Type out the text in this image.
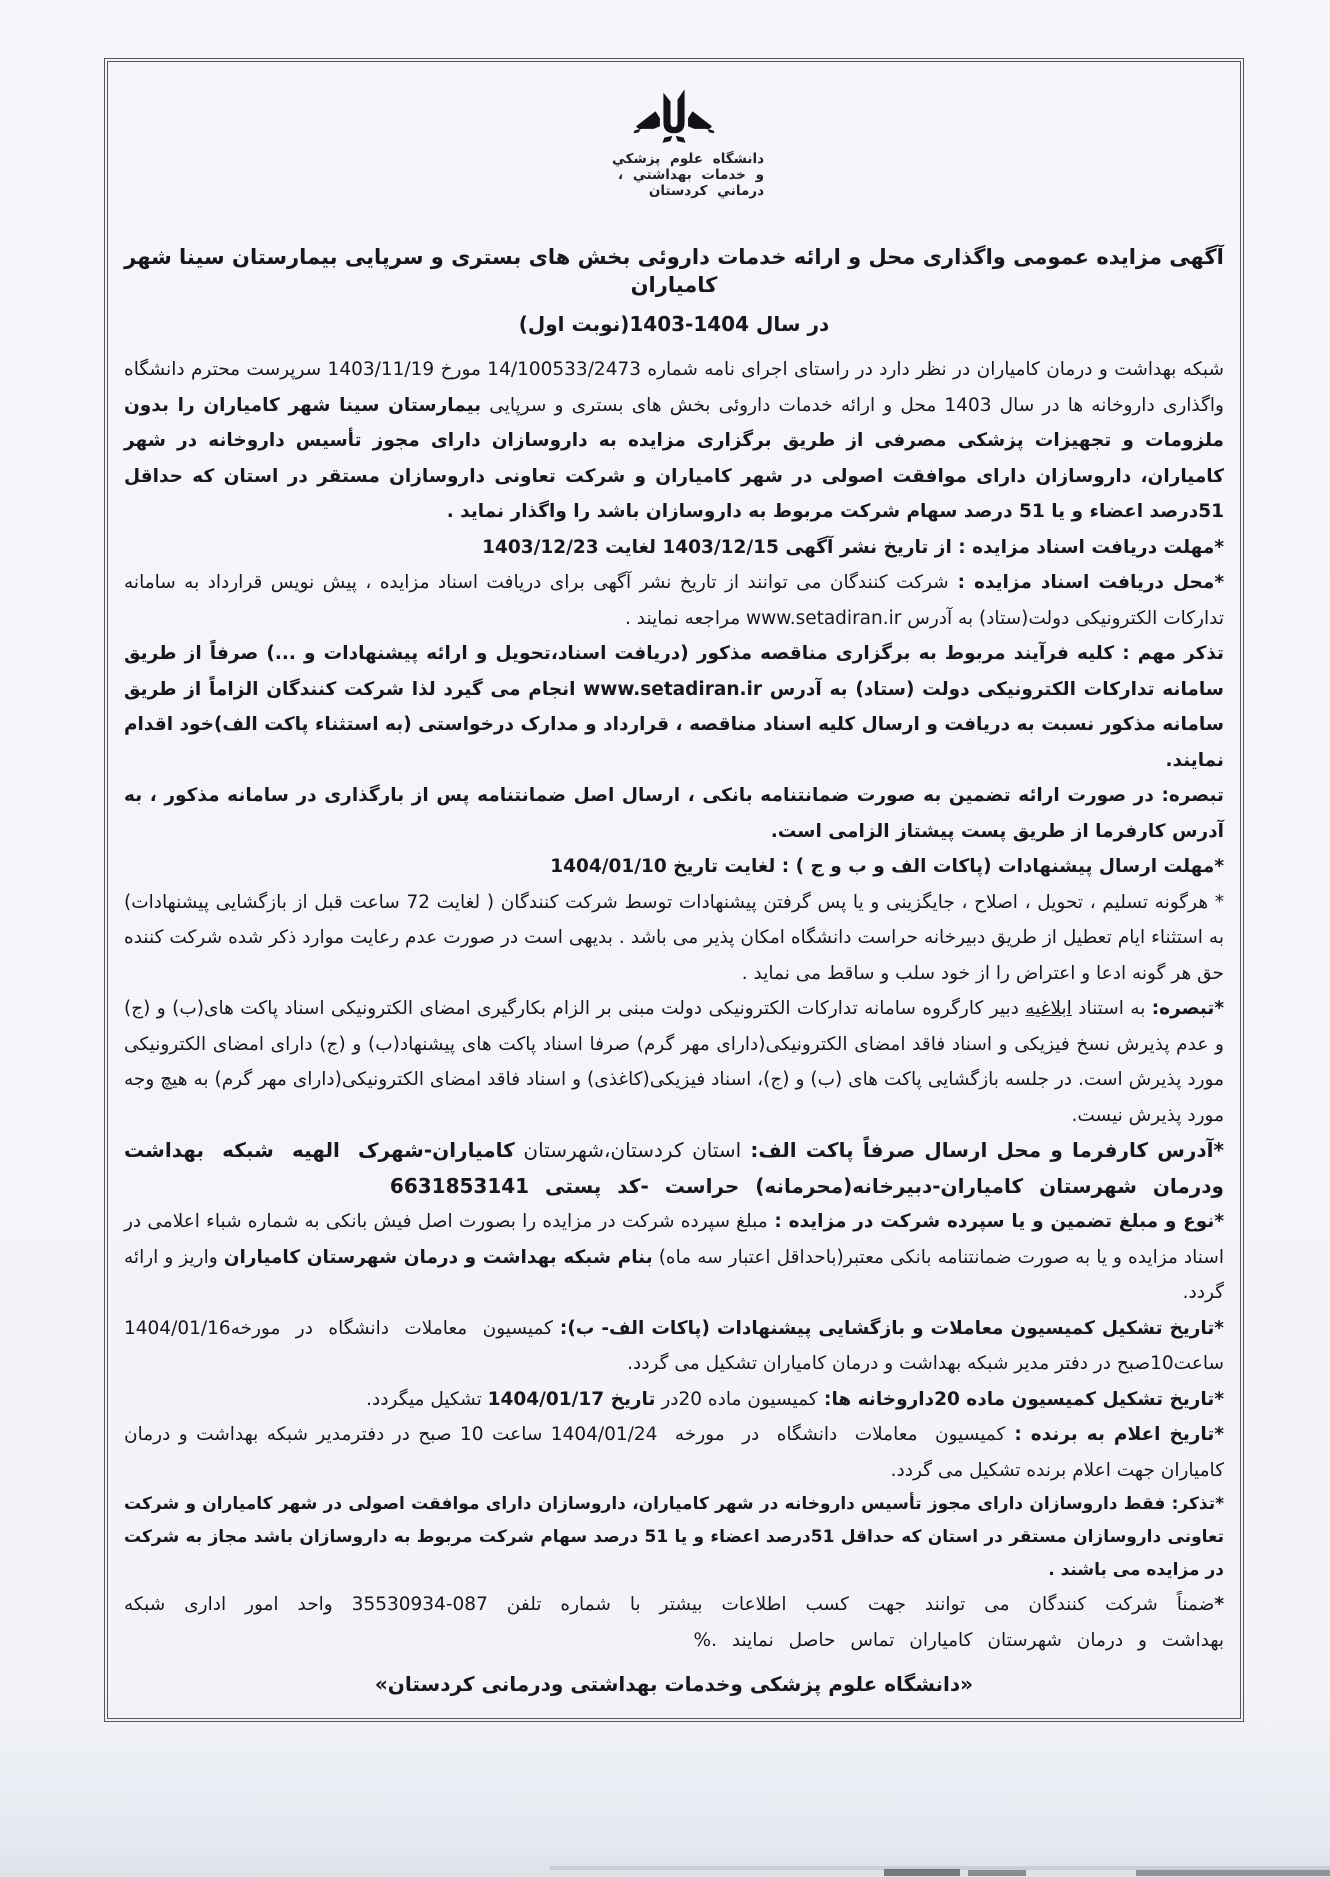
دانشگاه علوم پزشكي
و خدمات بهداشتي ،
درماني كردستان
آگهی مزایده عمومی واگذاری محل و ارائه خدمات داروئی بخش های بستری و سرپایی بیمارستان سینا شهر کامیاران
در سال 1404-1403(نوبت اول)

شبکه بهداشت و درمان کامیاران در نظر دارد در راستای اجرای نامه شماره 14/100533/2473 مورخ 1403/11/19 سرپرست محترم دانشگاه واگذاری داروخانه ها در سال 1403 محل و ارائه خدمات داروئی بخش های بستری و سرپایی بیمارستان سینا شهر کامیاران را بدون ملزومات و تجهیزات پزشکی مصرفی از طریق برگزاری مزایده به داروسازان دارای مجوز تأسیس داروخانه در شهر کامیاران، داروسازان دارای موافقت اصولی در شهر کامیاران و شرکت تعاونی داروسازان مستقر در استان که حداقل 51درصد اعضاء و یا 51 درصد سهام شرکت مربوط به داروسازان باشد را واگذار نماید .

*مهلت دریافت اسناد مزایده : از تاریخ نشر آگهی 1403/12/15 لغایت 1403/12/23

*محل دریافت اسناد مزایده : شرکت کنندگان می توانند از تاریخ نشر آگهی برای دریافت اسناد مزایده ، پیش نویس قرارداد به سامانه تدارکات الکترونیکی دولت(ستاد) به آدرس www.setadiran.ir مراجعه نمایند .

تذکر مهم : کلیه فرآیند مربوط به برگزاری مناقصه مذکور (دریافت اسناد،تحویل و ارائه پیشنهادات و ...) صرفاً از طریق سامانه تدارکات الکترونیکی دولت (ستاد) به آدرس www.setadiran.ir انجام می گیرد لذا شرکت کنندگان الزاماً از طریق سامانه مذکور نسبت به دریافت و ارسال کلیه اسناد مناقصه ، قرارداد و مدارک درخواستی (به استثناء پاکت الف)خود اقدام نمایند.

تبصره: در صورت ارائه تضمین به صورت ضمانتنامه بانکی ، ارسال اصل ضمانتنامه پس از بارگذاری در سامانه مذکور ، به آدرس کارفرما از طریق پست پیشتاز الزامی است.

*مهلت ارسال پیشنهادات (پاکات الف و ب و ج ) : لغایت تاریخ 1404/01/10

* هرگونه تسلیم ، تحویل ، اصلاح ، جایگزینی و یا پس گرفتن پیشنهادات توسط شرکت کنندگان ( لغایت 72 ساعت قبل از بازگشایی پیشنهادات) به استثناء ایام تعطیل از طریق دبیرخانه حراست دانشگاه امکان پذیر می باشد . بدیهی است در صورت عدم رعایت موارد ذکر شده شرکت کننده حق هر گونه ادعا و اعتراض را از خود سلب و ساقط می نماید .

*تبصره: به استناد ابلاغیه دبیر کارگروه سامانه تدارکات الکترونیکی دولت مبنی بر الزام بکارگیری امضای الکترونیکی اسناد پاکت های(ب) و (ج) و عدم پذیرش نسخ فیزیکی و اسناد فاقد امضای الکترونیکی(دارای مهر گرم) صرفا اسناد پاکت های پیشنهاد(ب) و (ج) دارای امضای الکترونیکی مورد پذیرش است. در جلسه بازگشایی پاکت های (ب) و (ج)، اسناد فیزیکی(کاغذی) و اسناد فاقد امضای الکترونیکی(دارای مهر گرم) به هیچ وجه مورد پذیرش نیست.

*آدرس کارفرما و محل ارسال صرفاً پاکت الف: استان کردستان،شهرستان کامیاران-شهرک الهیه شبکه بهداشت ودرمان شهرستان کامیاران-دبیرخانه(محرمانه) حراست -کد پستی 6631853141

*نوع و مبلغ تضمین و یا سپرده شرکت در مزایده : مبلغ سپرده شرکت در مزایده را بصورت اصل فیش بانکی به شماره شباء اعلامی در اسناد مزایده و یا به صورت ضمانتنامه بانکی معتبر(باحداقل اعتبار سه ماه) بنام شبکه بهداشت و درمان شهرستان کامیاران واریز و ارائه گردد.

*تاریخ تشکیل کمیسیون معاملات و بازگشایی پیشنهادات (پاکات الف- ب): کمیسیون معاملات دانشگاه در مورخه1404/01/16 ساعت10صبح در دفتر مدیر شبکه بهداشت و درمان کامیاران تشکیل می گردد.

*تاریخ تشکیل کمیسیون ماده 20داروخانه ها: کمیسیون ماده 20در تاریخ 1404/01/17 تشکیل میگردد.

*تاریخ اعلام به برنده : کمیسیون معاملات دانشگاه در مورخه 1404/01/24 ساعت 10 صبح در دفترمدیر شبکه بهداشت و درمان کامیاران جهت اعلام برنده تشکیل می گردد.

*تذکر: فقط داروسازان دارای مجوز تأسیس داروخانه در شهر کامیاران، داروسازان دارای موافقت اصولی در شهر کامیاران و شرکت تعاونی داروسازان مستقر در استان که حداقل 51درصد اعضاء و یا 51 درصد سهام شرکت مربوط به داروسازان باشد مجاز به شرکت در مزایده می باشند .

*ضمناً شرکت کنندگان می توانند جهت کسب اطلاعات بیشتر با شماره تلفن 087-35530934 واحد امور اداری شبکه بهداشت و درمان شهرستان کامیاران تماس حاصل نمایند .%

«دانشگاه علوم پزشکی وخدمات بهداشتی ودرمانی کردستان»
